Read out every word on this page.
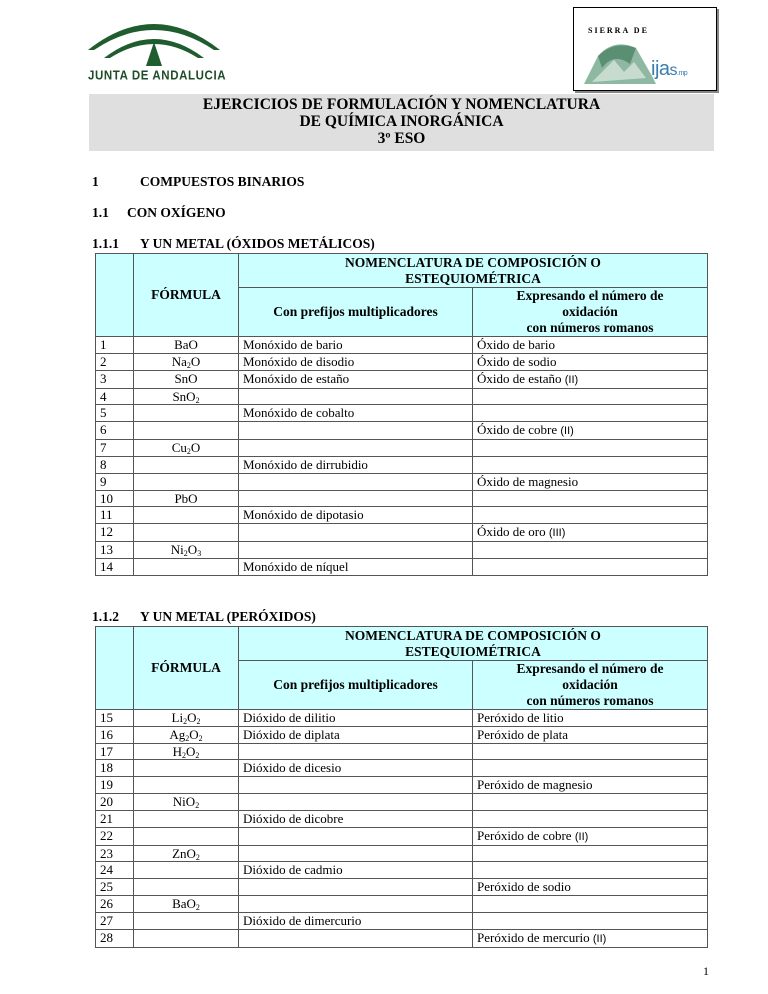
JUNTA DE ANDALUCIA
SIERRA DE
ijas.mp
EJERCICIOS DE FORMULACIÓN Y NOMENCLATURA
DE QUÍMICA INORGÁNICA
3º ESO
1	COMPUESTOS BINARIOS
1.1 CON OXÍGENO
1.1.1 Y UN METAL (ÓXIDOS METÁLICOS)
	FÓRMULA	NOMENCLATURA DE COMPOSICIÓN O
ESTEQUIOMÉTRICA	

		Con prefijos multiplicadores	Expresando el número de
oxidación
con números romanos

1	BaO	Monóxido de bario	Óxido de bario
2	$Na_2O$	Monóxido de disodio	Óxido de sodio
3	SnO	Monóxido de estaño	Óxido de estaño (II)
4	SnO$_2$		
5		Monóxido de cobalto	
6			Óxido de cobre (II)
7	$Cu_2O$		
8		Monóxido de dirrubidio	
9			Óxido de magnesio
10	PbO		
11		Monóxido de dipotasio	
12			Óxido de oro (III)
13	$Ni_2O_3$		
14		Monóxido de níquel	
1.1.2 Y UN METAL (PERÓXIDOS)
	FÓRMULA	NOMENCLATURA DE COMPOSICIÓN O
ESTEQUIOMÉTRICA	

		Con prefijos multiplicadores	Expresando el número de
oxidación
con números romanos

15	$Li_2O_2$	Dióxido de dilitio	Peróxido de litio
16	$Ag_2O_2$	Dióxido de diplata	Peróxido de plata
17	$H_2O_2$		
18		Dióxido de dicesio	
19			Peróxido de magnesio
20	NiO$_2$		
21		Dióxido de dicobre	
22			Peróxido de cobre (II)
23	ZnO$_2$		
24		Dióxido de cadmio	
25			Peróxido de sodio
26	BaO$_2$		
27		Dióxido de dimercurio	
28			Peróxido de mercurio (II)
1
